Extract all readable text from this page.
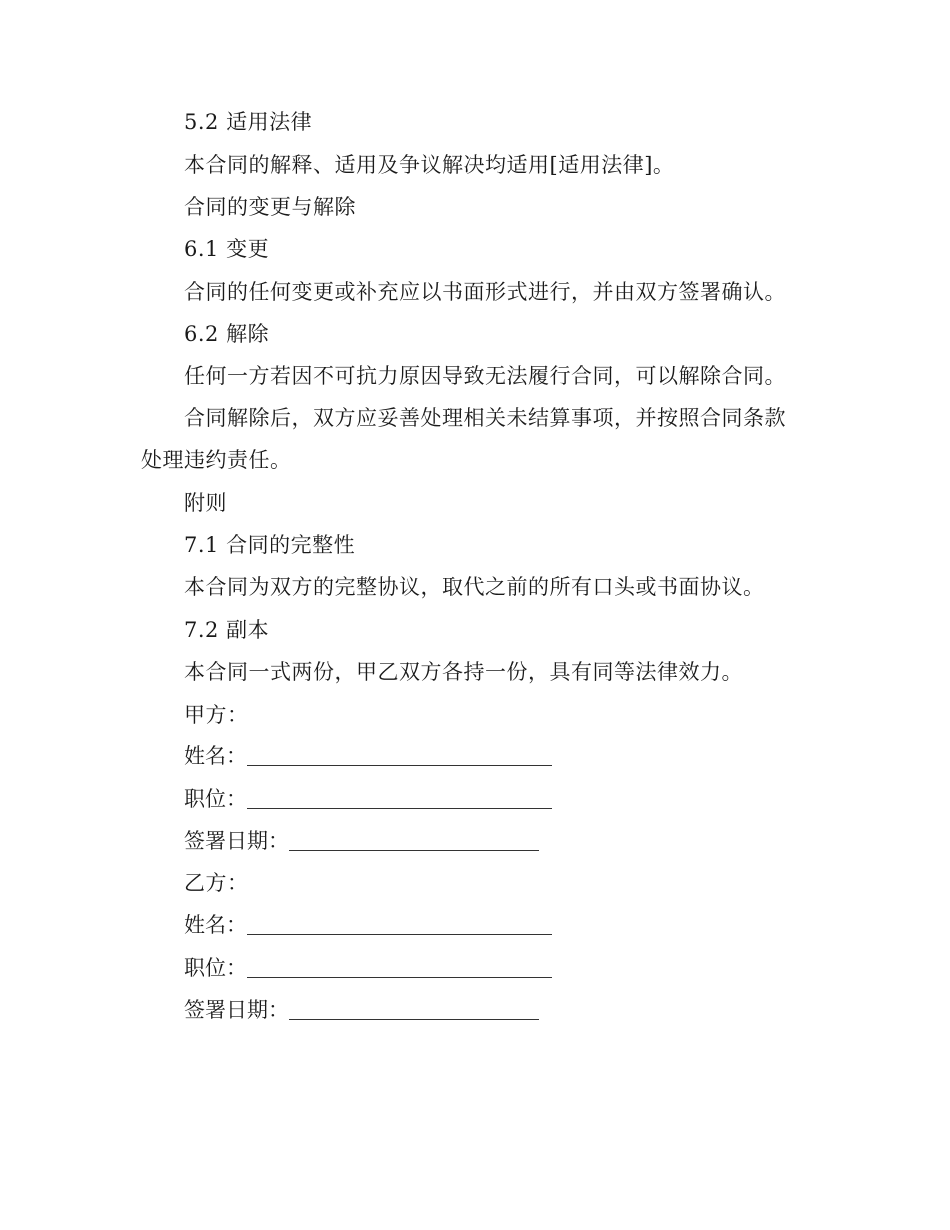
5.2 适用法律
本合同的解释、适用及争议解决均适用[适用法律]。
合同的变更与解除
6.1 变更
合同的任何变更或补充应以书面形式进行，并由双方签署确认。
6.2 解除
任何一方若因不可抗力原因导致无法履行合同，可以解除合同。
合同解除后，双方应妥善处理相关未结算事项，并按照合同条款
处理违约责任。
附则
7.1 合同的完整性
本合同为双方的完整协议，取代之前的所有口头或书面协议。
7.2 副本
本合同一式两份，甲乙双方各持一份，具有同等法律效力。
甲方：
姓名：
职位：
签署日期：
乙方：
姓名：
职位：
签署日期：
